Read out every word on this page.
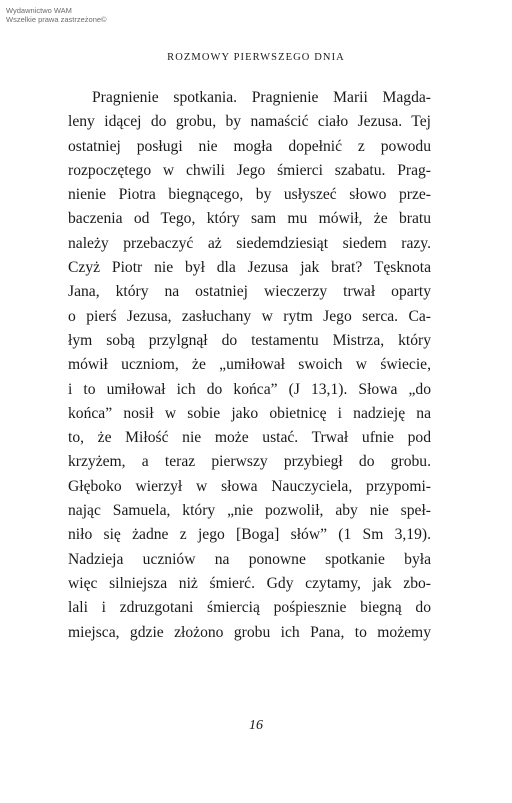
Wydawnictwo WAM
Wszelkie prawa zastrzeżone©
ROZMOWY PIERWSZEGO DNIA
Pragnienie spotkania. Pragnienie Marii Magda-
leny idącej do grobu, by namaścić ciało Jezusa. Tej
ostatniej posługi nie mogła dopełnić z powodu
rozpoczętego w chwili Jego śmierci szabatu. Prag-
nienie Piotra biegnącego, by usłyszeć słowo prze-
baczenia od Tego, który sam mu mówił, że bratu
należy przebaczyć aż siedemdziesiąt siedem razy.
Czyż Piotr nie był dla Jezusa jak brat? Tęsknota
Jana, który na ostatniej wieczerzy trwał oparty
o pierś Jezusa, zasłuchany w rytm Jego serca. Ca-
łym sobą przylgnął do testamentu Mistrza, który
mówił uczniom, że „umiłował swoich w świecie,
i to umiłował ich do końca” (J 13,1). Słowa „do
końca” nosił w sobie jako obietnicę i nadzieję na
to, że Miłość nie może ustać. Trwał ufnie pod
krzyżem, a teraz pierwszy przybiegł do grobu.
Głęboko wierzył w słowa Nauczyciela, przypomi-
nając Samuela, który „nie pozwolił, aby nie speł-
niło się żadne z jego [Boga] słów” (1 Sm 3,19).
Nadzieja uczniów na ponowne spotkanie była
więc silniejsza niż śmierć. Gdy czytamy, jak zbo-
lali i zdruzgotani śmiercią pośpiesznie biegną do
miejsca, gdzie złożono grobu ich Pana, to możemy
16
